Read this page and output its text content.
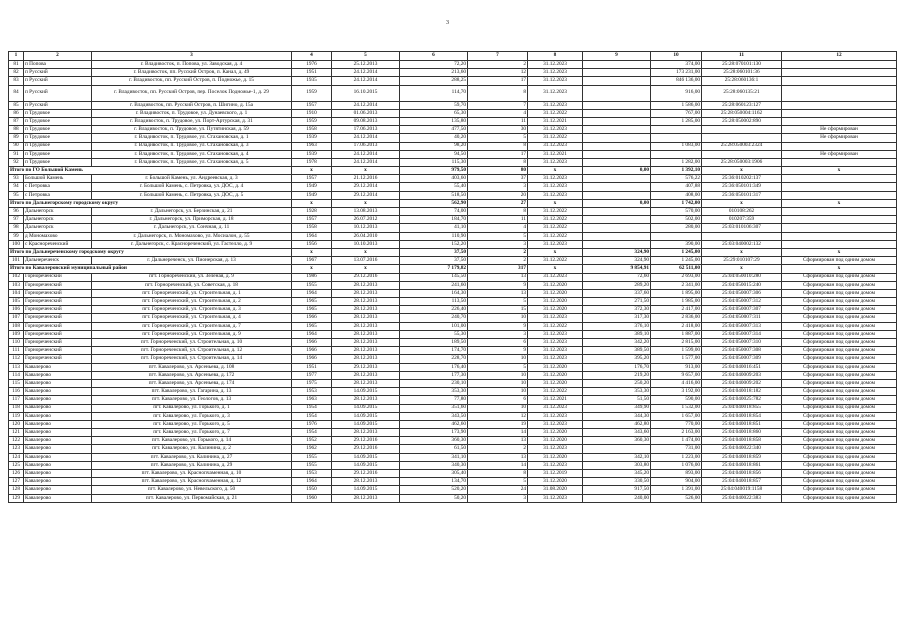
3
1	2	3	4	5	6	7	8	9	10	11	12
81	п Попова	г. Владивосток, п. Попова, ул. Заводская, д. 4	1976	25.12.2013	72,20	2	31.12.2023		374,00	25:28:070101:130	
82	п Русский	г. Владивосток, пп. Русский Остров, п. Канал, д. 49	1951	24.12.2014	213,60	12	31.12.2023		173 231,00	25:28:060101:36	
83	п Русский	г. Владивосток, пп. Русский Остров, п. Подножье, д. 15	1935	24.12.2014	288,25	17	31.12.2023		846 136,00	25:28:060136:1	
84	п Русский	г. Владивосток, пп. Русский Остров, пер. Поселок Подножье-1, д. 29	1959	16.10.2015	114,70	8	31.12.2023		916,00	25:28:060135:21	
85	п Русский	г. Владивосток, пп. Русский Остров, п. Шигино, д. 15а	1957	24.12.2014	59,70	7	31.12.2023		1 586,00	25:28:060123:127	
86	п Трудовое	г. Владивосток, п. Трудовое, ул. Дунаевского, д. 1	1910	01.06.2013	65,30	4	31.12.2022		767,00	25:28:050004:1162	
87	п Трудовое	г. Владивосток, п. Трудовое, ул. Порт-Артурская, д. 31	1959	09.08.2013	135,80	11	31.12.2021		1 285,00	25:28:050002:890	
88	п Трудовое	г. Владивосток, п. Трудовое, ул. Путятинская, д. 59	1958	17.06.2013	477,50	30	31.12.2023				Не сформирован
89	п Трудовое	г. Владивосток, п. Трудовое, ул. Стахановская, д. 1	1939	24.12.2014	40,20	5	31.12.2022				Не сформирован
90	п Трудовое	г. Владивосток, п. Трудовое, ул. Стахановская, д. 3	1963	17.06.2013	98,20	8	31.12.2023		1 083,00	25:28:050003:2324	
91	п Трудовое	г. Владивосток, п. Трудовое, ул. Стахановская, д. 4	1939	24.12.2014	94,50	17	31.12.2021				Не сформирован
92	п Трудовое	г. Владивосток, п. Трудовое, ул. Стахановская, д. 5	1978	24.12.2014	115,30	8	31.12.2023		1 282,00	25:28:050003:1906	
Итого по ГО Большой Камень			x	x	979,50	80	x	0,00	1 392,10	x	x
93	Большой Камень	г. Большой Камень, ул. Андреевская, д. 3	1957	21.12.2016	403,60	37	31.12.2023		576,22	25:36:010202:137	
94	с Петровка	г. Большой Камень, с. Петровка, ул. ДОС, д. 4	1949	29.12.2014	55,40	3	31.12.2023		407,88	25:36:050101:349	
95	с Петровка	г. Большой Камень, с. Петровка, ул. ДОС, д. 5	1949	29.12.2014	518,50	20	31.12.2023		408,00	25:36:050101:317	
Итого по Дальнегорскому городскому округу			x	x	562,90	27	x	0,00	1 742,00	x	x
96	Дальнегорск	г. Дальнегорск, ул. Берзинская, д. 21	1928	13.08.2013	74,00	8	31.12.2022		570,00	010108:262	
97	Дальнегорск	г. Дальнегорск, ул. Приморская, д. 18	1957	26.07.2012	184,70	11	31.12.2022		502,00	010207:359	
98	Дальнегорск	г. Дальнегорск, ул. Сончная, д. 11	1958	10.12.2013	41,10	4	31.12.2022		280,00	25:03:010106:307	
99	д Мономахово	г. Дальнегорск, п. Мономахово, ул. Мосиалон, д. 55	1964	26.04.2010	110,90	5	31.12.2022				
100	с Краснореченский	г. Дальнегорск, с. Краснореченский, ул. Гастелло, д. 9	1956	10.10.2013	152,20	3	31.12.2023		390,00	25:03:040002:132	
Итого по Дальнереченскому городскому округу			x	x	37,50	2	x	324,90	1 245,00	x	x
101	Дальнереченск	г. Дальнереченск, ул. Пионерская, д. 13	1967	13.07.2016	37,50	2	31.12.2022	324,90	1 245,00	25:29:010107:29	Сформирован под одним домом
Итого по Кавалеровский муниципальный район			x	x	7 179,82	317	x	9 854,91	62 511,00	x	x
102	Горнореченский	пгт. Горнореченский, ул. Зеленая, д. 9	1986	29.12.2016	145,50	13	31.12.2023	72,60	2 693,00	25:04:050010:280	Сформирован под одним домом
103	Горнореченский	пгт. Горнореченский, ул. Советская, д. 18	1955	28.12.2013	241,60	9	31.12.2020	289,20	2 341,00	25:04:050015:240	Сформирован под одним домом
104	Горнореченский	пгт. Горнореченский, ул. Строительная, д. 1	1964	28.12.2013	164,30	13	31.12.2020	337,60	1 895,00	25:04:050007:306	Сформирован под одним домом
105	Горнореченский	пгт. Горнореченский, ул. Строительная, д. 2	1965	28.12.2013	113,50	5	31.12.2020	271,50	1 985,00	25:04:050007:312	Сформирован под одним домом
106	Горнореченский	пгт. Горнореченский, ул. Строительная, д. 3	1965	28.12.2013	226,40	15	31.12.2020	372,30	2 417,00	25:04:050007:307	Сформирован под одним домом
107	Горнореченский	пгт. Горнореченский, ул. Строительная, д. 4	1966	28.12.2013	240,70	10	31.12.2023	317,30	2 836,00	25:04:050007:311	Сформирован под одним домом
108	Горнореченский	пгт. Горнореченский, ул. Строительная, д. 7	1965	28.12.2013	101,00	9	31.12.2022	376,10	2 418,00	25:04:050007:313	Сформирован под одним домом
109	Горнореченский	пгт. Горнореченский, ул. Строительная, д. 9	1964	28.12.2013	55,30	3	31.12.2023	389,10	1 887,00	25:04:050007:314	Сформирован под одним домом
110	Горнореченский	пгт. Горнореченский, ул. Строительная, д. 10	1966	28.12.2013	189,50	6	31.12.2023	342,20	2 815,00	25:04:050007:310	Сформирован под одним домом
111	Горнореченский	пгт. Горнореченский, ул. Строительная, д. 12	1966	28.12.2013	174,70	9	31.12.2023	389,50	1 599,00	25:04:050007:308	Сформирован под одним домом
112	Горнореченский	пгт. Горнореченский, ул. Строительная, д. 14	1966	28.12.2013	228,70	10	31.12.2023	395,20	1 577,00	25:04:050007:309	Сформирован под одним домом
113	Кавалерово	пгт. Кавалерово, ул. Арсеньева, д. 108	1951	29.12.2013	176,40	5	31.12.2020	176,70	913,00	25:04:040016:451	Сформирован под одним домом
114	Кавалерово	пгт. Кавалерово, ул. Арсеньева, д. 172	1977	28.12.2013	177,30	10	31.12.2020	219,20	9 657,00	25:04:040009:203	Сформирован под одним домом
115	Кавалерово	пгт. Кавалерово, ул. Арсеньева, д. 174	1975	28.12.2013	230,10	10	31.12.2020	250,20	4 416,00	25:04:040009:202	Сформирован под одним домом
116	Кавалерово	пгт. Кавалерово, ул. Гагарина, д. 13	1953	14.09.2015	353,30	10	31.12.2022	353,30	3 192,00	25:04:040018:182	Сформирован под одним домом
117	Кавалерово	пгт. Кавалерово, ул. Геологов, д. 13	1963	28.12.2013	77,80	6	31.12.2021	51,50	590,00	25:04:040025:782	Сформирован под одним домом
118	Кавалерово	пгт. Кавалерово, ул. Горького, д. 1	1954	14.09.2015	351,60	10	31.12.2023	349,90	1 532,00	25:04:040018:855	Сформирован под одним домом
119	Кавалерово	пгт. Кавалерово, ул. Горького, д. 3	1954	14.09.2015	343,50	12	31.12.2023	344,30	1 657,00	25:04:040018:854	Сформирован под одним домом
120	Кавалерово	пгт. Кавалерово, ул. Горького, д. 5	1976	14.09.2015	462,60	19	31.12.2023	462,80	770,00	25:04:040018:851	Сформирован под одним домом
121	Кавалерово	пгт. Кавалерово, ул. Горького, д. 7	1954	28.12.2013	173,90	14	31.12.2020	343,60	2 163,00	25:04:040018:860	Сформирован под одним домом
122	Кавалерово	пгт. Кавалерово, ул. Горького, д. 14	1952	29.12.2016	360,30	13	31.12.2020	360,30	1 474,00	25:04:040018:858	Сформирован под одним домом
123	Кавалерово	пгт. Кавалерово, ул. Калинина, д. 2	1962	29.12.2016	61,50	2	31.12.2023		731,00	25:04:040022:340	Сформирован под одним домом
124	Кавалерово	пгт. Кавалерово, ул. Калинина, д. 27	1955	14.09.2015	341,10	13	31.12.2020	342,10	1 223,00	25:04:040018:859	Сформирован под одним домом
125	Кавалерово	пгт. Кавалерово, ул. Калинина, д. 29	1955	14.09.2015	340,30	14	31.12.2023	303,80	1 076,00	25:04:040018:861	Сформирован под одним домом
126	Кавалерово	пгт. Кавалерово, ул. Краснопчаменная, д. 10	1953	29.12.2016	305,40	8	31.12.2019	345,20	893,00	25:04:040018:856	Сформирован под одним домом
127	Кавалерово	пгт. Кавалерово, ул. Краснопчаменная, д. 12	1964	28.12.2013	134,70	5	31.12.2020	330,50	904,00	25:04:040018:857	Сформирован под одним домом
128	Кавалерово	пгт. Кавалерово, ул. Невельского, д. 50	1950	14.09.2015	520,20	24	31.08.2020	917,50	1 391,00	25:04:040019:1158	Сформирован под одним домом
129	Кавалерово	пгт. Кавалерово, ул. Первомайская, д. 21	1960	28.12.2013	50,20	3	31.12.2023	240,00	526,00	25:04:040022:383	Сформирован под одним домом
